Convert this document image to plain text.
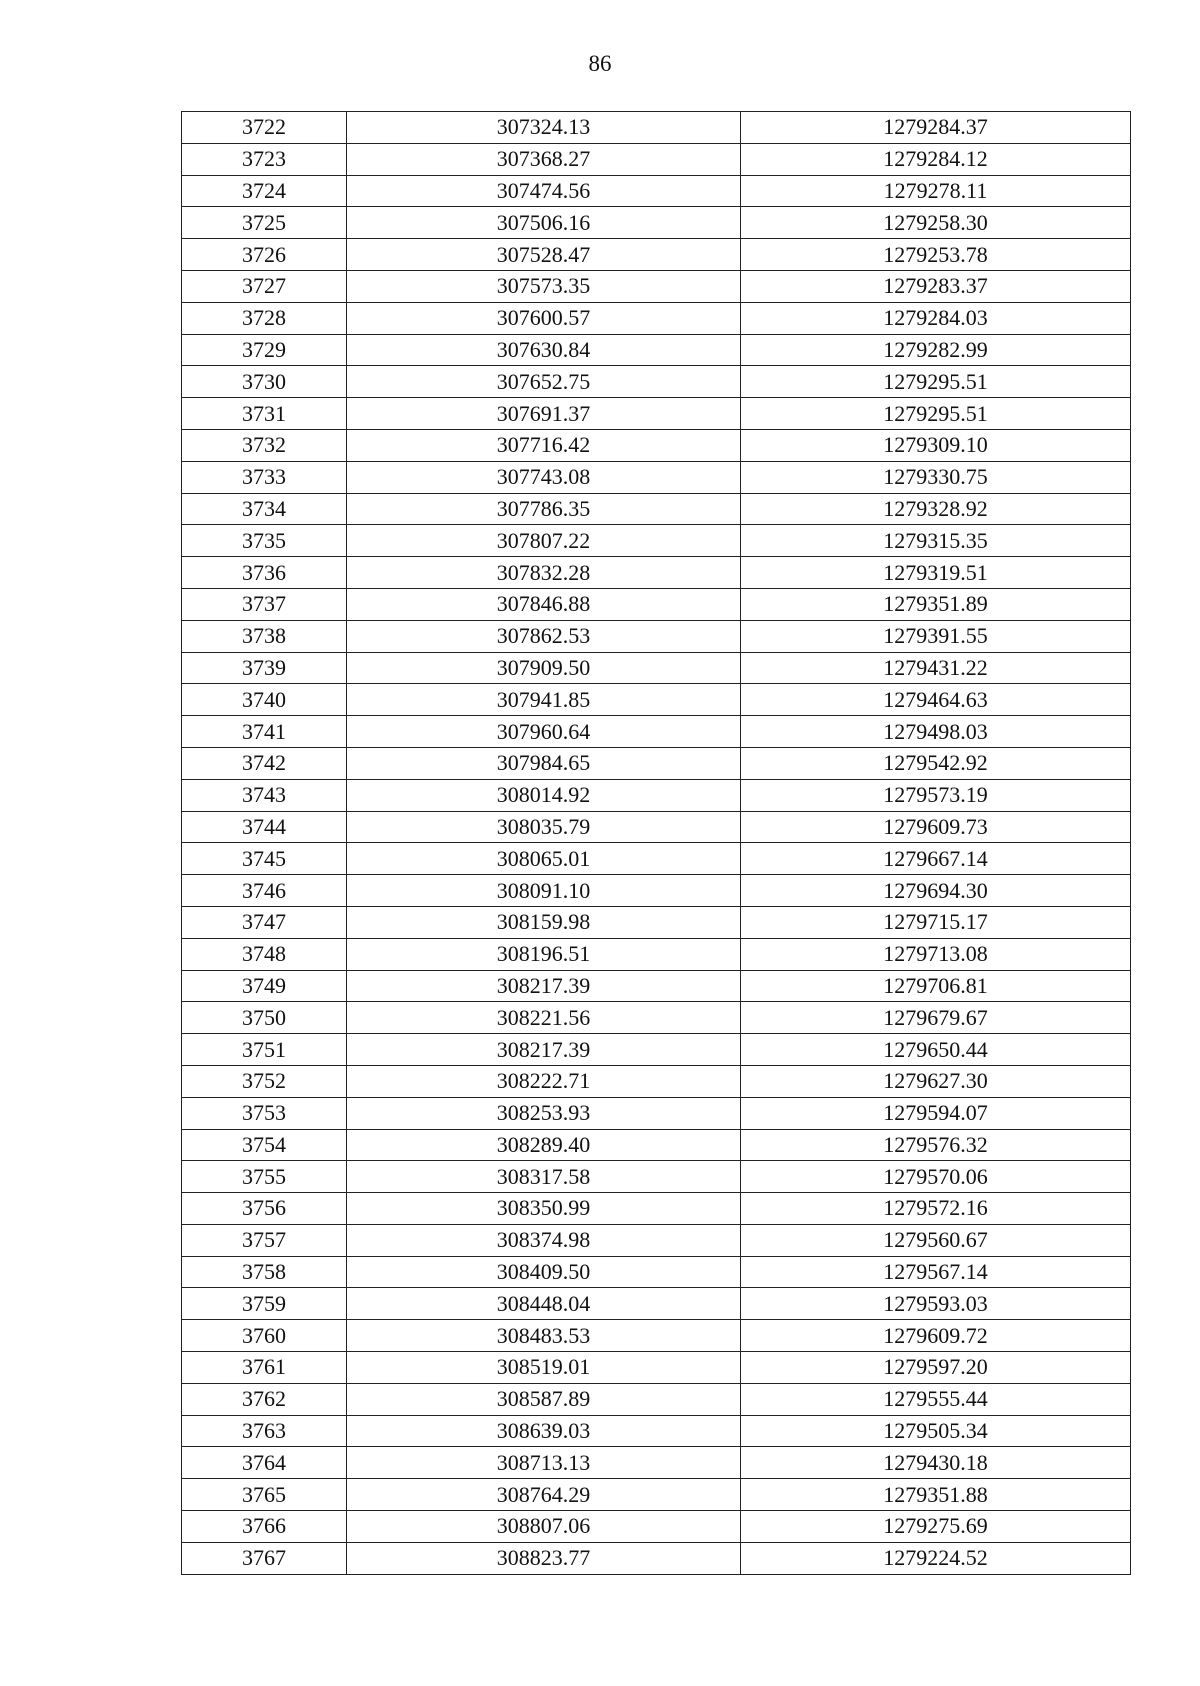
86
3722	307324.13	1279284.37
3723	307368.27	1279284.12
3724	307474.56	1279278.11
3725	307506.16	1279258.30
3726	307528.47	1279253.78
3727	307573.35	1279283.37
3728	307600.57	1279284.03
3729	307630.84	1279282.99
3730	307652.75	1279295.51
3731	307691.37	1279295.51
3732	307716.42	1279309.10
3733	307743.08	1279330.75
3734	307786.35	1279328.92
3735	307807.22	1279315.35
3736	307832.28	1279319.51
3737	307846.88	1279351.89
3738	307862.53	1279391.55
3739	307909.50	1279431.22
3740	307941.85	1279464.63
3741	307960.64	1279498.03
3742	307984.65	1279542.92
3743	308014.92	1279573.19
3744	308035.79	1279609.73
3745	308065.01	1279667.14
3746	308091.10	1279694.30
3747	308159.98	1279715.17
3748	308196.51	1279713.08
3749	308217.39	1279706.81
3750	308221.56	1279679.67
3751	308217.39	1279650.44
3752	308222.71	1279627.30
3753	308253.93	1279594.07
3754	308289.40	1279576.32
3755	308317.58	1279570.06
3756	308350.99	1279572.16
3757	308374.98	1279560.67
3758	308409.50	1279567.14
3759	308448.04	1279593.03
3760	308483.53	1279609.72
3761	308519.01	1279597.20
3762	308587.89	1279555.44
3763	308639.03	1279505.34
3764	308713.13	1279430.18
3765	308764.29	1279351.88
3766	308807.06	1279275.69
3767	308823.77	1279224.52
